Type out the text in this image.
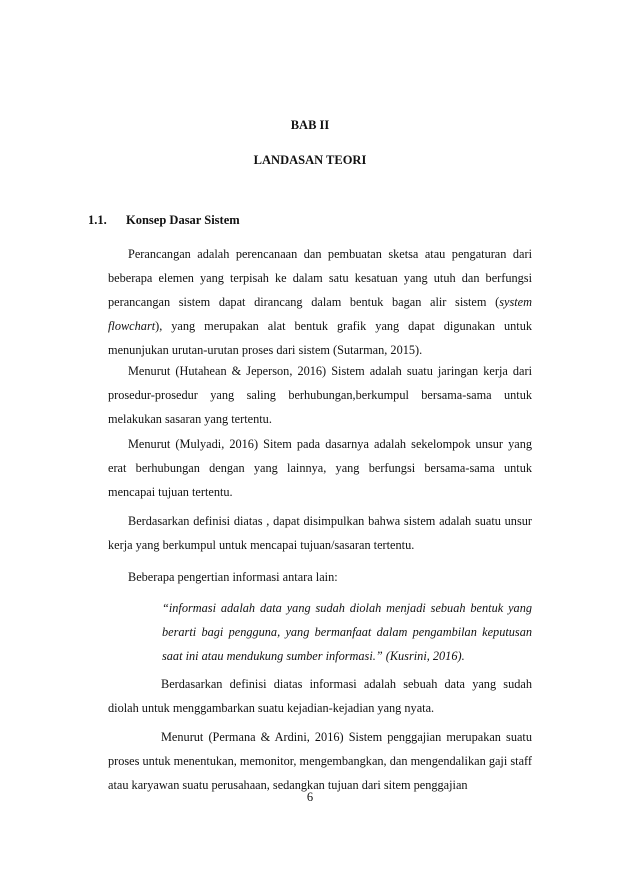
BAB II
LANDASAN TEORI
1.1. Konsep Dasar Sistem

Perancangan adalah perencanaan dan pembuatan sketsa atau pengaturan dari beberapa elemen yang terpisah ke dalam satu kesatuan yang utuh dan berfungsi perancangan sistem dapat dirancang dalam bentuk bagan alir sistem (system flowchart), yang merupakan alat bentuk grafik yang dapat digunakan untuk menunjukan urutan-urutan proses dari sistem (Sutarman, 2015).

Menurut (Hutahean & Jeperson, 2016) Sistem adalah suatu jaringan kerja dari prosedur-prosedur yang saling berhubungan,berkumpul bersama-sama untuk melakukan sasaran yang tertentu.

Menurut (Mulyadi, 2016) Sitem pada dasarnya adalah sekelompok unsur yang erat berhubungan dengan yang lainnya, yang berfungsi bersama-sama untuk mencapai tujuan tertentu.

Berdasarkan definisi diatas , dapat disimpulkan bahwa sistem adalah suatu unsur kerja yang berkumpul untuk mencapai tujuan/sasaran tertentu.

Beberapa pengertian informasi antara lain:

“informasi adalah data yang sudah diolah menjadi sebuah bentuk yang berarti bagi pengguna, yang bermanfaat dalam pengambilan keputusan saat ini atau mendukung sumber informasi.” (Kusrini, 2016).

Berdasarkan definisi diatas informasi adalah sebuah data yang sudah diolah untuk menggambarkan suatu kejadian-kejadian yang nyata.

Menurut (Permana & Ardini, 2016) Sistem penggajian merupakan suatu proses untuk menentukan, memonitor, mengembangkan, dan mengendalikan gaji staff atau karyawan suatu perusahaan, sedangkan tujuan dari sitem penggajian

6
